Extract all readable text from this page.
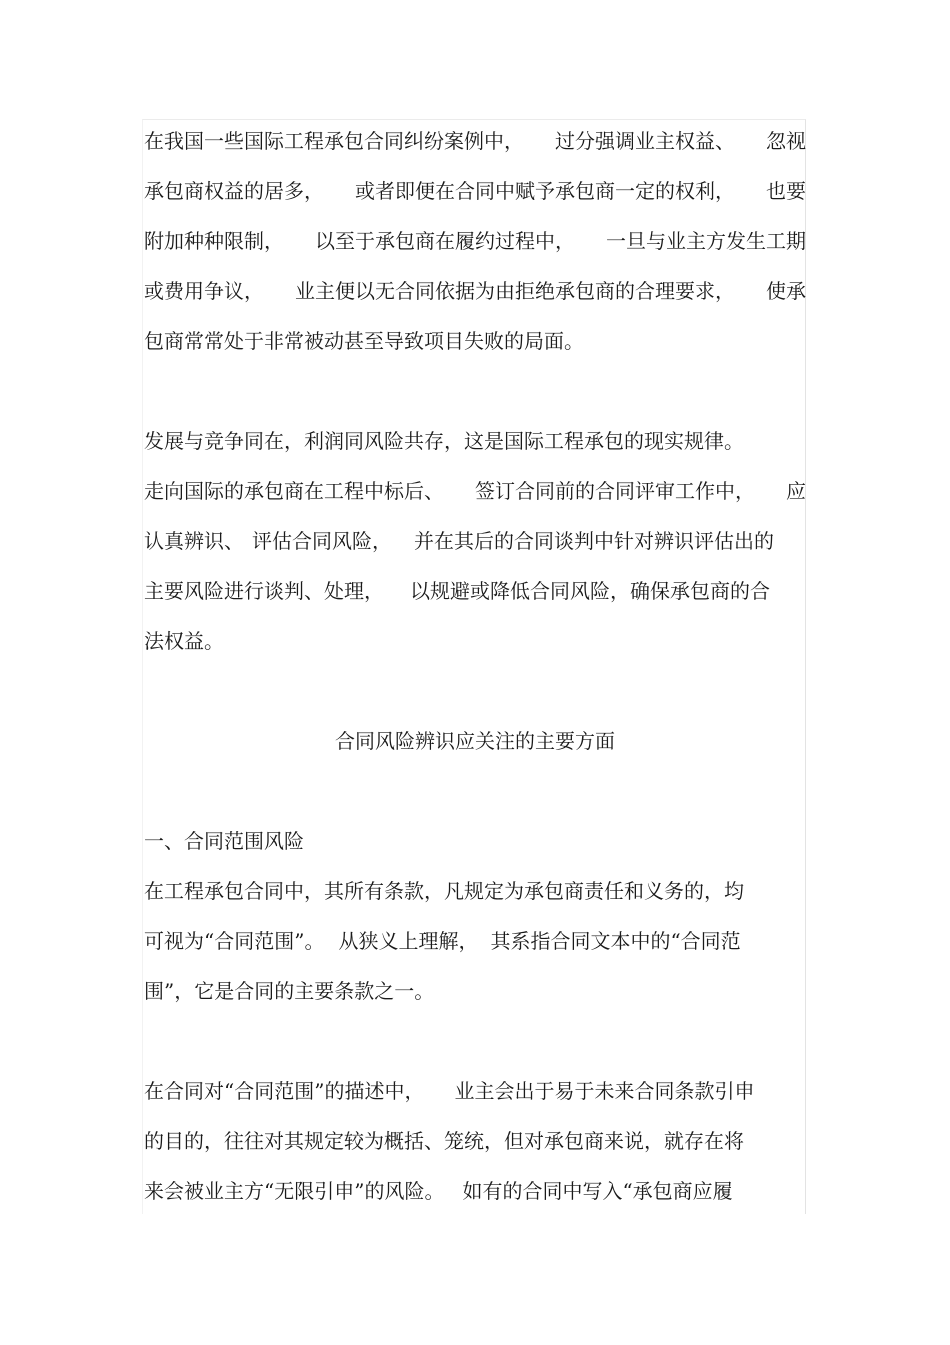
在我国一些国际工程承包合同纠纷案例中， 过分强调业主权益、 忽视
承包商权益的居多， 或者即便在合同中赋予承包商一定的权利， 也要
附加种种限制， 以至于承包商在履约过程中， 一旦与业主方发生工期
或费用争议， 业主便以无合同依据为由拒绝承包商的合理要求， 使承
包商常常处于非常被动甚至导致项目失败的局面。
发展与竞争同在，利润同风险共存，这是国际工程承包的现实规律。
走向国际的承包商在工程中标后、 签订合同前的合同评审工作中， 应
认真辨识、 评估合同风险， 并在其后的合同谈判中针对辨识评估出的
主要风险进行谈判、处理， 以规避或降低合同风险，确保承包商的合
法权益。
合同风险辨识应关注的主要方面
一、合同范围风险
在工程承包合同中，其所有条款，凡规定为承包商责任和义务的，均
可视为“合同范围”。 从狭义上理解， 其系指合同文本中的“合同范
围”，它是合同的主要条款之一。
在合同对“合同范围”的描述中， 业主会出于易于未来合同条款引申
的目的，往往对其规定较为概括、笼统，但对承包商来说，就存在将
来会被业主方“无限引申”的风险。 如有的合同中写入“承包商应履
